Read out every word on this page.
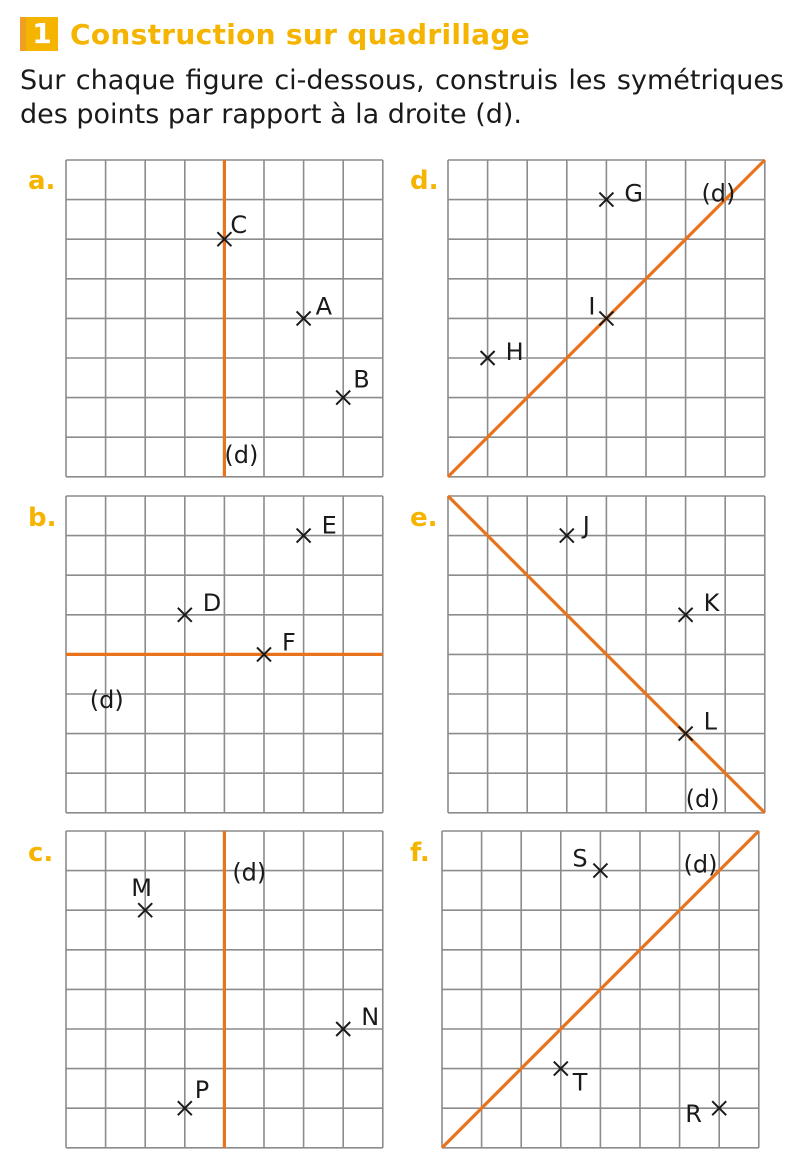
1 Construction sur quadrillage
Sur chaque figure ci-dessous, construis les symétriques des points par rapport à la droite (d).
a.	d.
b.	e.
c.	f.
(d)
C
A
B
(d)
G
I
H
(d)
E
D
F
(d)
J
K
L
(d)
M
N
P
(d)
S
T
R
